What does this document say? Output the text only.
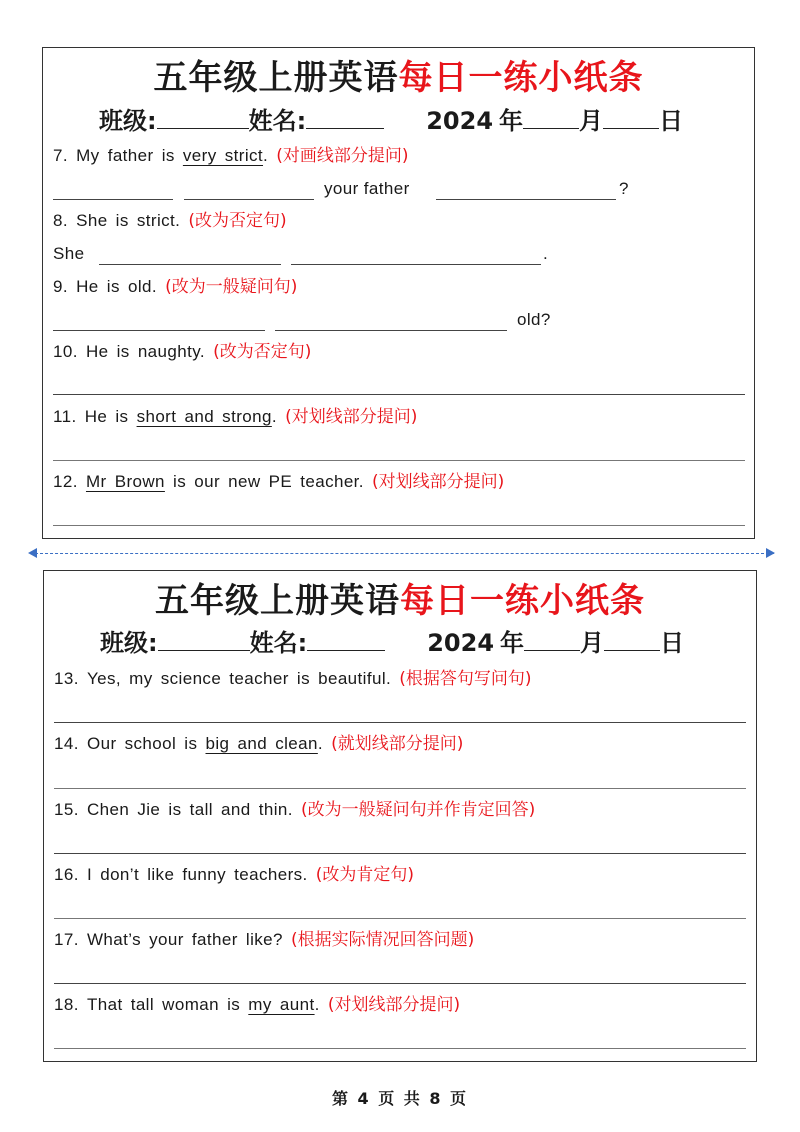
五年级上册英语每日一练小纸条
班级:	姓名:	2024 年 月 日
7. My father is very strict. (对画线部分提问)
your father	?
8. She is strict. (改为否定句)
She	.
9. He is old. (改为一般疑问句)
old?
10. He is naughty. (改为否定句)
11. He is short and strong. (对划线部分提问)
12. Mr Brown is our new PE teacher. (对划线部分提问)
五年级上册英语每日一练小纸条
班级:	姓名:	2024 年 月 日
13. Yes, my science teacher is beautiful. (根据答句写问句)
14. Our school is big and clean. (就划线部分提问)
15. Chen Jie is tall and thin. (改为一般疑问句并作肯定回答)
16. I don’t like funny teachers. (改为肯定句)
17. What’s your father like? (根据实际情况回答问题)
18. That tall woman is my aunt. (对划线部分提问)
第 4 页 共 8 页
